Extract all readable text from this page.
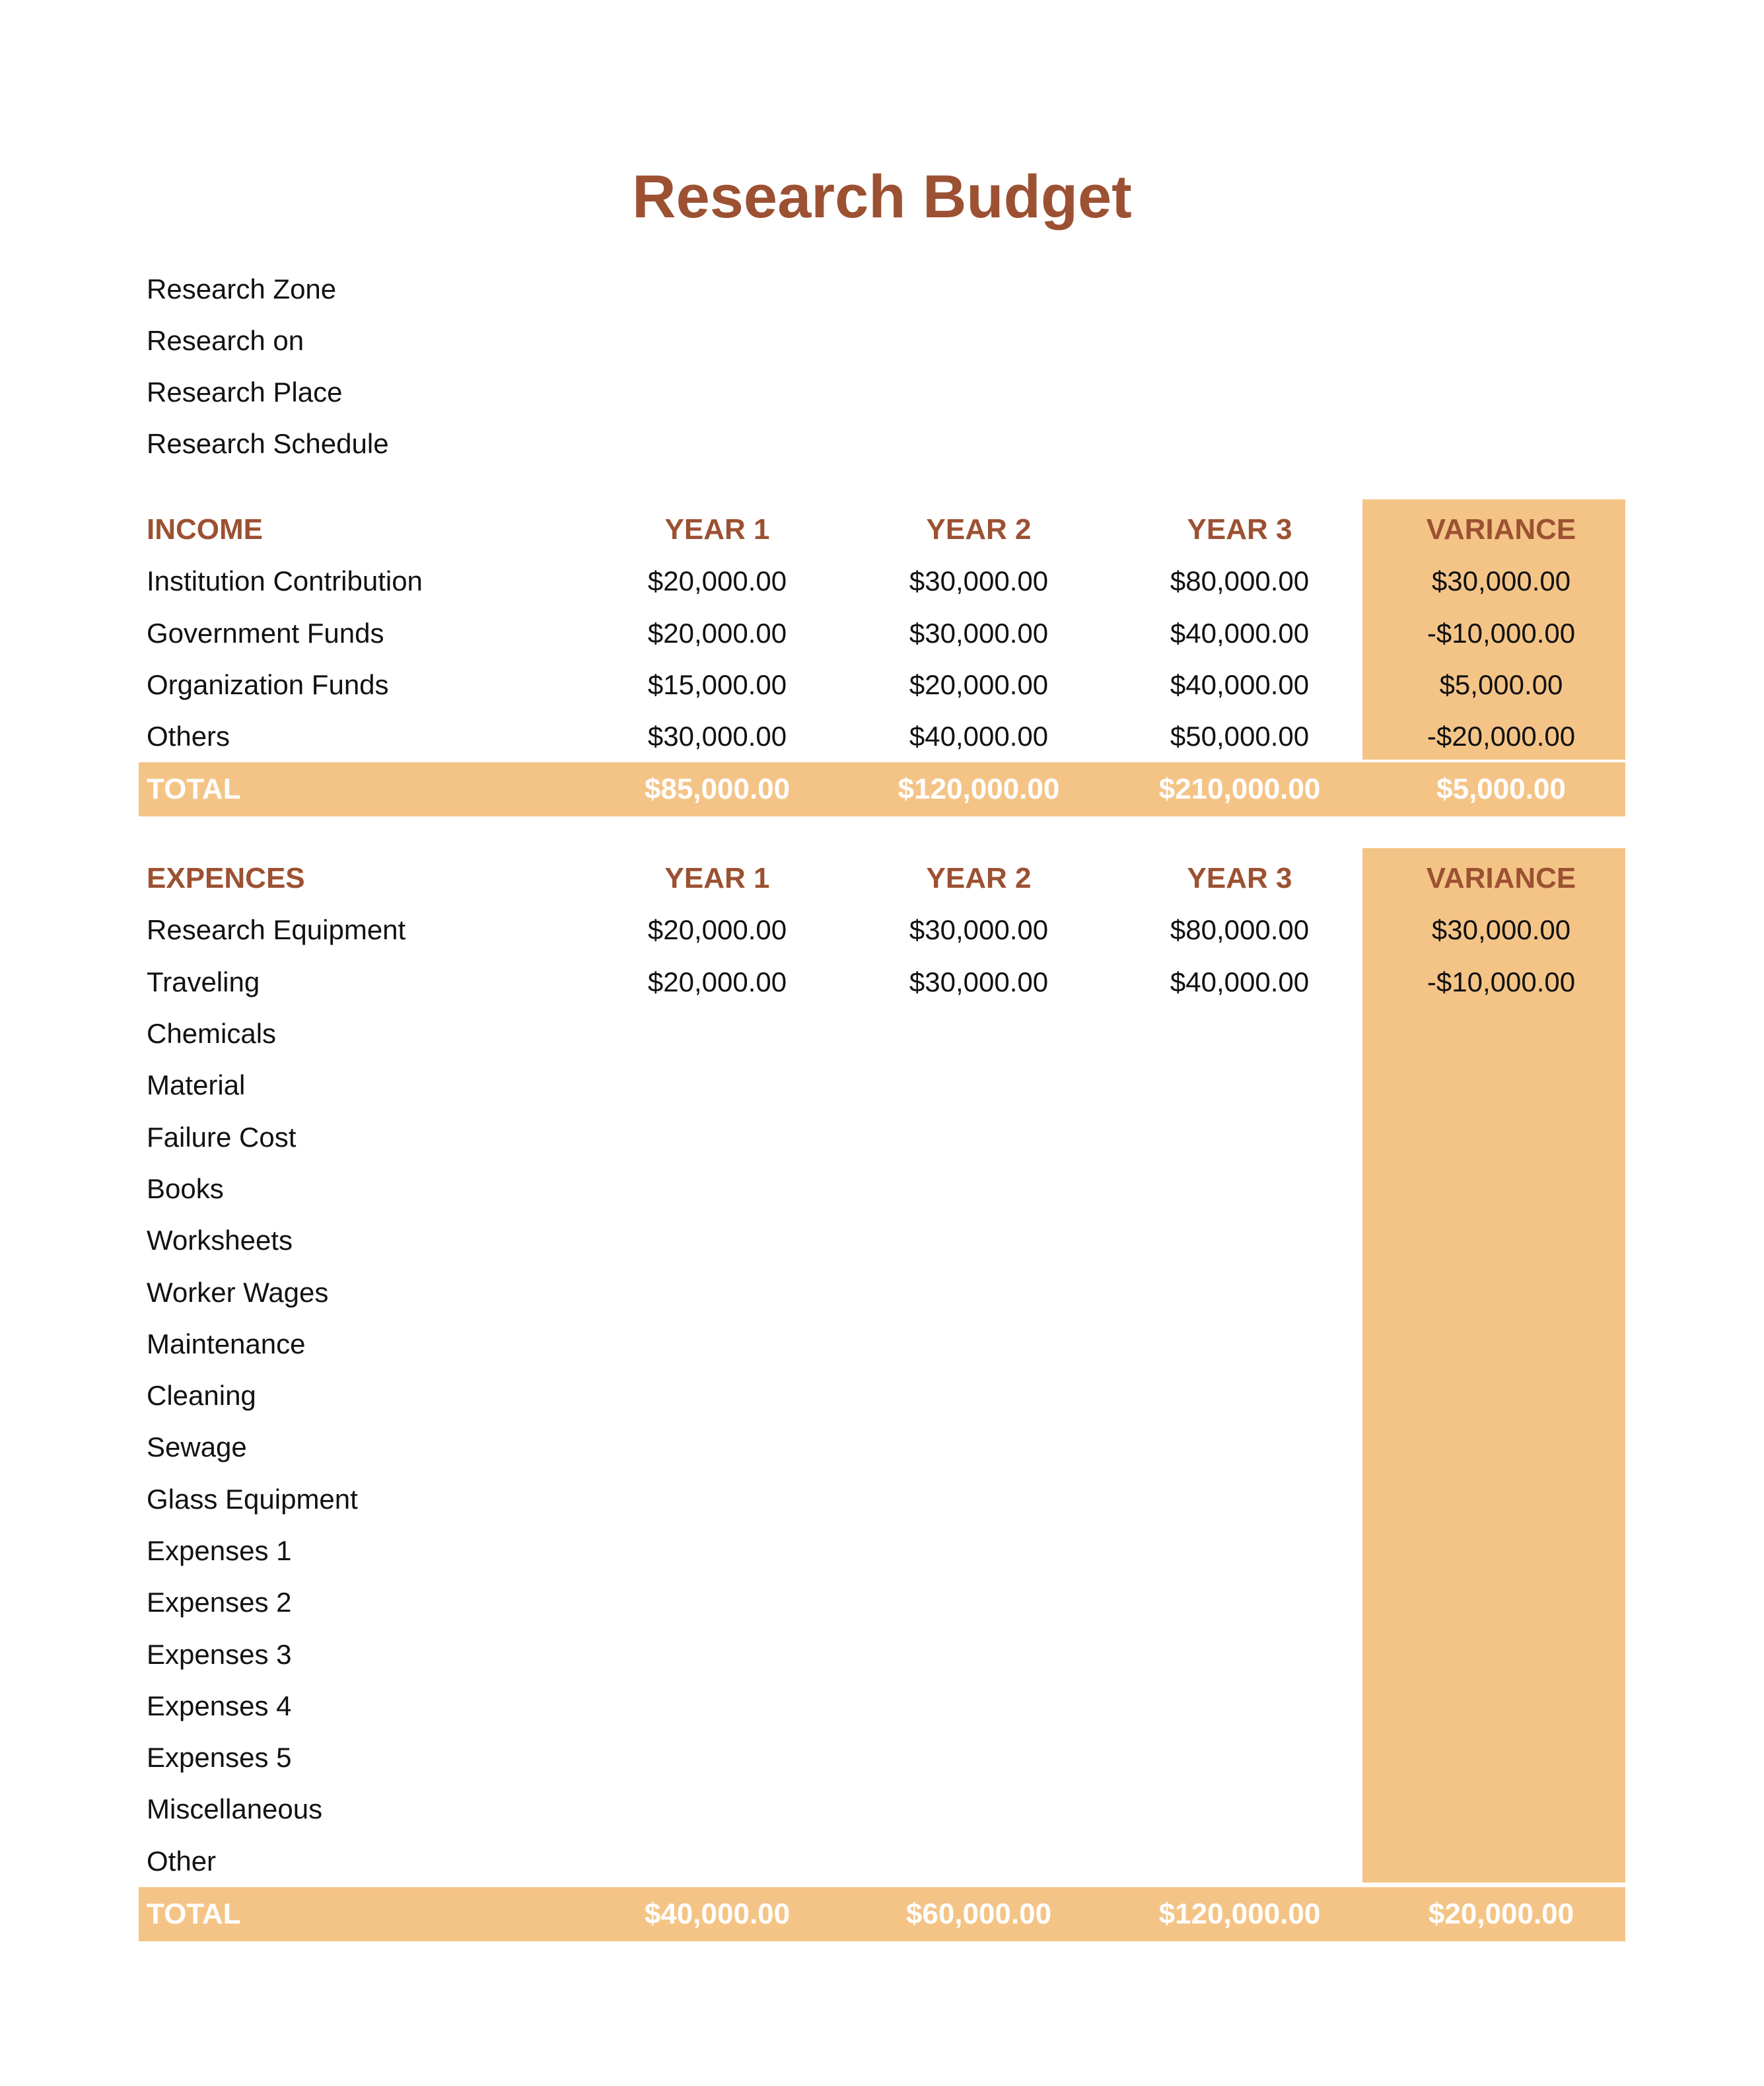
Research Budget
Research Zone
Research on
Research Place
Research Schedule
INCOME	YEAR 1	YEAR 2	YEAR 3	VARIANCE
Institution Contribution	$20,000.00	$30,000.00	$80,000.00	$30,000.00
Government Funds	$20,000.00	$30,000.00	$40,000.00	-$10,000.00
Organization Funds	$15,000.00	$20,000.00	$40,000.00	$5,000.00
Others	$30,000.00	$40,000.00	$50,000.00	-$20,000.00
TOTAL	$85,000.00	$120,000.00	$210,000.00	$5,000.00
EXPENCES	YEAR 1	YEAR 2	YEAR 3	VARIANCE
Research Equipment	$20,000.00	$30,000.00	$80,000.00	$30,000.00
Traveling	$20,000.00	$30,000.00	$40,000.00	-$10,000.00
Chemicals
Material
Failure Cost
Books
Worksheets
Worker Wages
Maintenance
Cleaning
Sewage
Glass Equipment
Expenses 1
Expenses 2
Expenses 3
Expenses 4
Expenses 5
Miscellaneous
Other
TOTAL	$40,000.00	$60,000.00	$120,000.00	$20,000.00
